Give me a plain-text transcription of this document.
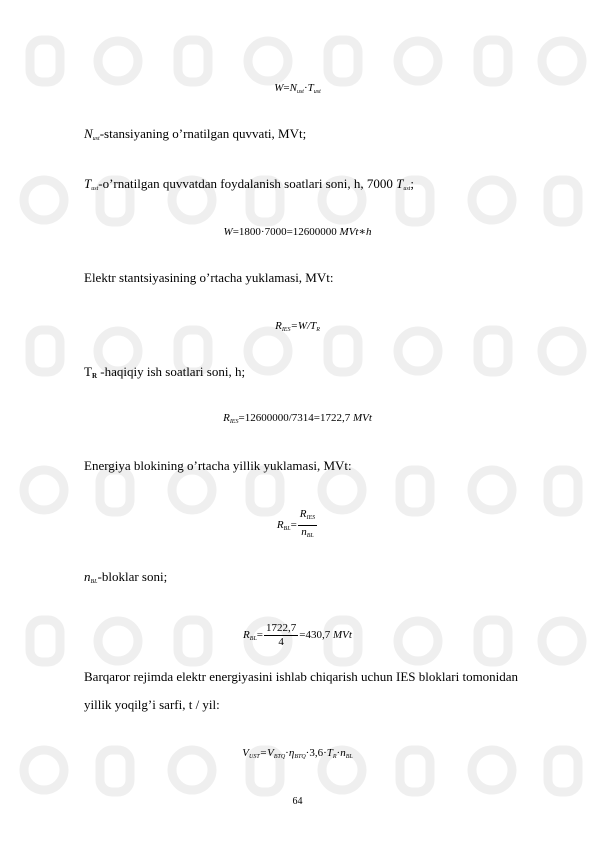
$W=N_{ust}\cdot T_{ust}$
$N_{ust}$-stansiyaning o’rnatilgan quvvati, MVt;
$T_{ust}-o’rnatilgan$ quvvatdan foydalanish soatlari soni, h, 7000 $T_{ust}$;
W=1800·7000=12600000 MVt∗h
Elektr stantsiyasining o’rtacha yuklamasi, MVt:
$R_{IES}=W/T_R$
$T_R$ -haqiqiy ish soatlari soni, h;
$R_{IES}=12600000/7314=1722,7$ MVt
Energiya blokining o’rtacha yillik yuklamasi, MVt:
$R_{BL}= \frac{R_{IES}}{n_{BL}}$
$n_{BL}$-bloklar soni;
$R_{BL}= \frac{1722,7}{4} =430,7$ MVt
Barqaror rejimda elektr energiyasini ishlab chiqarish uchun IES bloklari tomonidan
yillik yoqilg’i sarfi, t / yil:
$V_{UST}=V_{BTQ}\cdot\eta_{BTQ}\cdot 3,6\cdot T_R\cdot n_{BL}$
64
